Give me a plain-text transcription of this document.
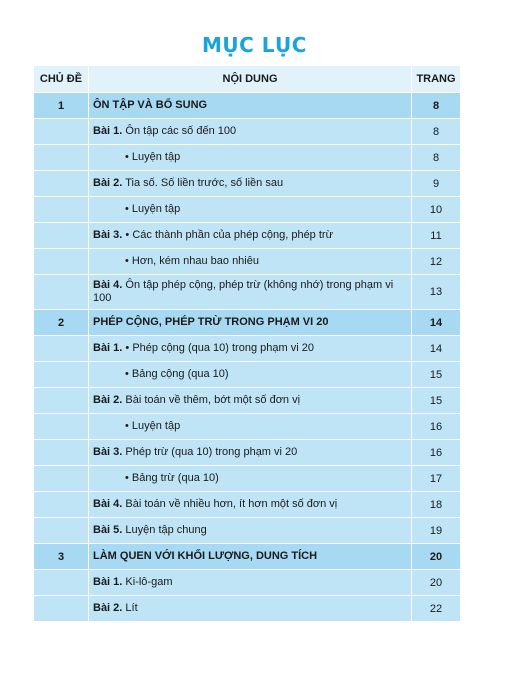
MỤC LỤC
CHỦ ĐỀ	NỘI DUNG	TRANG
1	ÔN TẬP VÀ BỔ SUNG	8
	Bài 1. Ôn tập các số đến 100	8
	• Luyện tập	8
	Bài 2. Tia số. Số liền trước, số liền sau	9
	• Luyện tập	10
	Bài 3. • Các thành phần của phép cộng, phép trừ	11
	• Hơn, kém nhau bao nhiêu	12
	Bài 4. Ôn tập phép cộng, phép trừ (không nhớ) trong phạm vi 100	13
2	PHÉP CỘNG, PHÉP TRỪ TRONG PHẠM VI 20	14
	Bài 1. • Phép cộng (qua 10) trong phạm vi 20	14
	• Bảng cộng (qua 10)	15
	Bài 2. Bài toán về thêm, bớt một số đơn vị	15
	• Luyện tập	16
	Bài 3. Phép trừ (qua 10) trong phạm vi 20	16
	• Bảng trừ (qua 10)	17
	Bài 4. Bài toán về nhiều hơn, ít hơn một số đơn vị	18
	Bài 5. Luyện tập chung	19
3	LÀM QUEN VỚI KHỐI LƯỢNG, DUNG TÍCH	20
	Bài 1. Ki-lô-gam	20
	Bài 2. Lít	22
